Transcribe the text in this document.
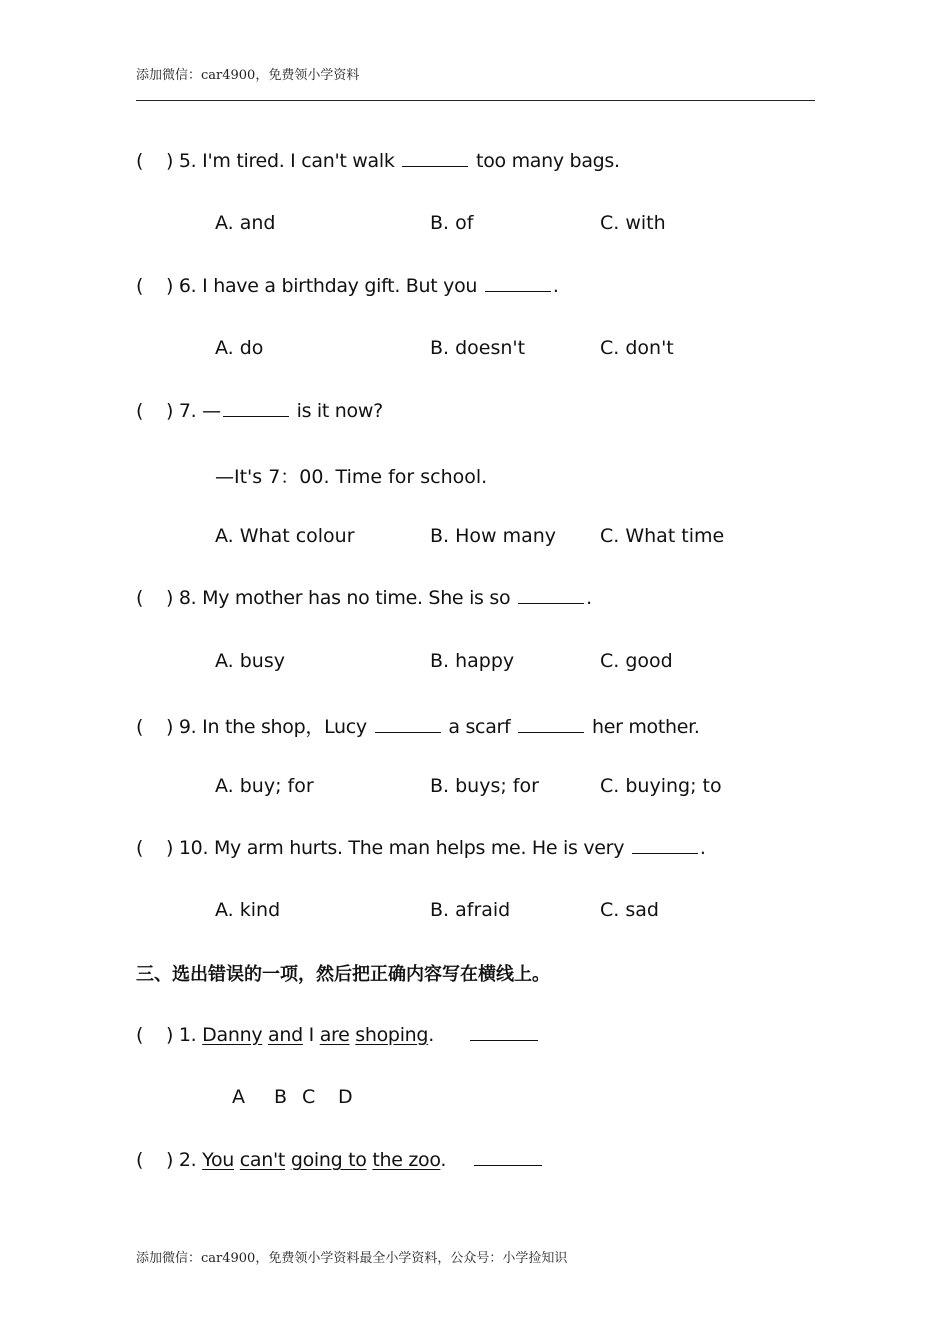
添加微信：car4900，免费领小学资料
( ) 5. I'm tired. I can't walk	too many bags.
A. and	B. of	C. with
( ) 6. I have a birthday gift. But you	.
A. do	B. doesn't	C. don't
( ) 7. —	is it now?
—It's 7：00. Time for school.
A. What colour	B. How many C. What time
( ) 8. My mother has no time. She is so	.
A. busy	B. happy	C. good
( ) 9. In the shop，Lucy	a scarf	her mother.
A. buy; for	B. buys; for	C. buying; to
( ) 10. My arm hurts. The man helps me. He is very	.
A. kind	B. afraid	C. sad
三、选出错误的一项，然后把正确内容写在横线上。
( ) 1. Danny and I are shoping.
A B C D
( ) 2. You can't going to the zoo.
添加微信：car4900，免费领小学资料最全小学资料，公众号：小学捡知识
